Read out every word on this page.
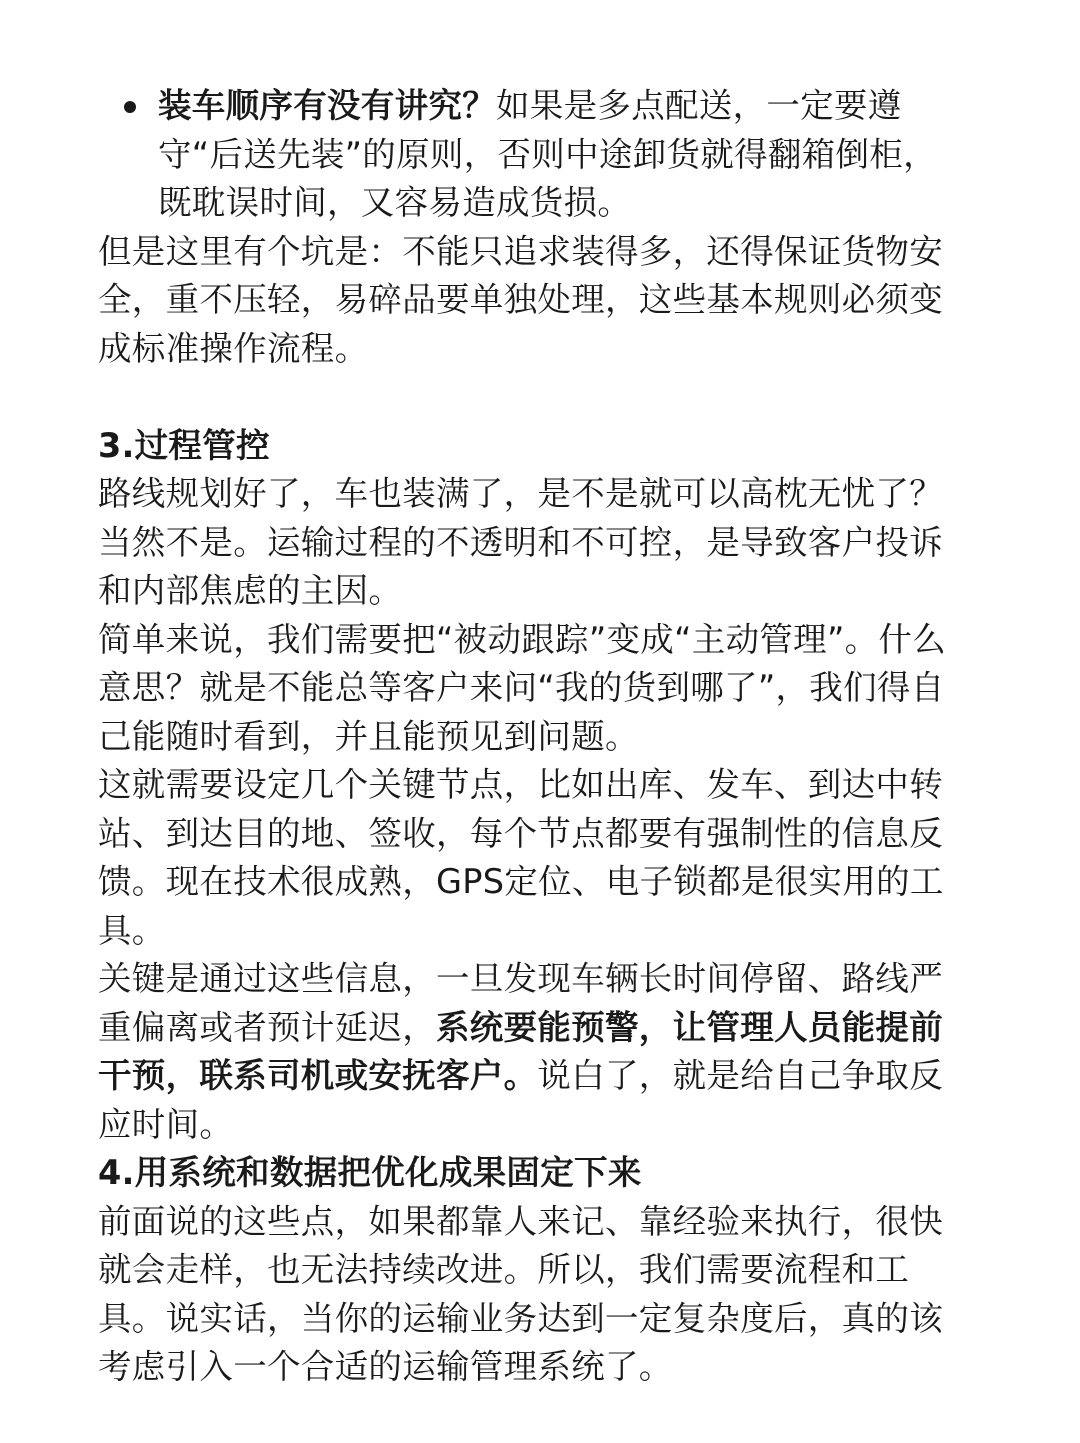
装车顺序有没有讲究？如果是多点配送，一定要遵守“后送先装”的原则，否则中途卸货就得翻箱倒柜，既耽误时间，又容易造成货损。

但是这里有个坑是：不能只追求装得多，还得保证货物安全，重不压轻，易碎品要单独处理，这些基本规则必须变成标准操作流程。

3.过程管控

路线规划好了，车也装满了，是不是就可以高枕无忧了？当然不是。运输过程的不透明和不可控，是导致客户投诉和内部焦虑的主因。

简单来说，我们需要把“被动跟踪”变成“主动管理”。什么意思？就是不能总等客户来问“我的货到哪了”，我们得自己能随时看到，并且能预见到问题。

这就需要设定几个关键节点，比如出库、发车、到达中转站、到达目的地、签收，每个节点都要有强制性的信息反馈。现在技术很成熟，GPS定位、电子锁都是很实用的工具。

关键是通过这些信息，一旦发现车辆长时间停留、路线严重偏离或者预计延迟，系统要能预警，让管理人员能提前干预，联系司机或安抚客户。说白了，就是给自己争取反应时间。

4.用系统和数据把优化成果固定下来

前面说的这些点，如果都靠人来记、靠经验来执行，很快就会走样，也无法持续改进。所以，我们需要流程和工具。说实话，当你的运输业务达到一定复杂度后，真的该考虑引入一个合适的运输管理系统了。
